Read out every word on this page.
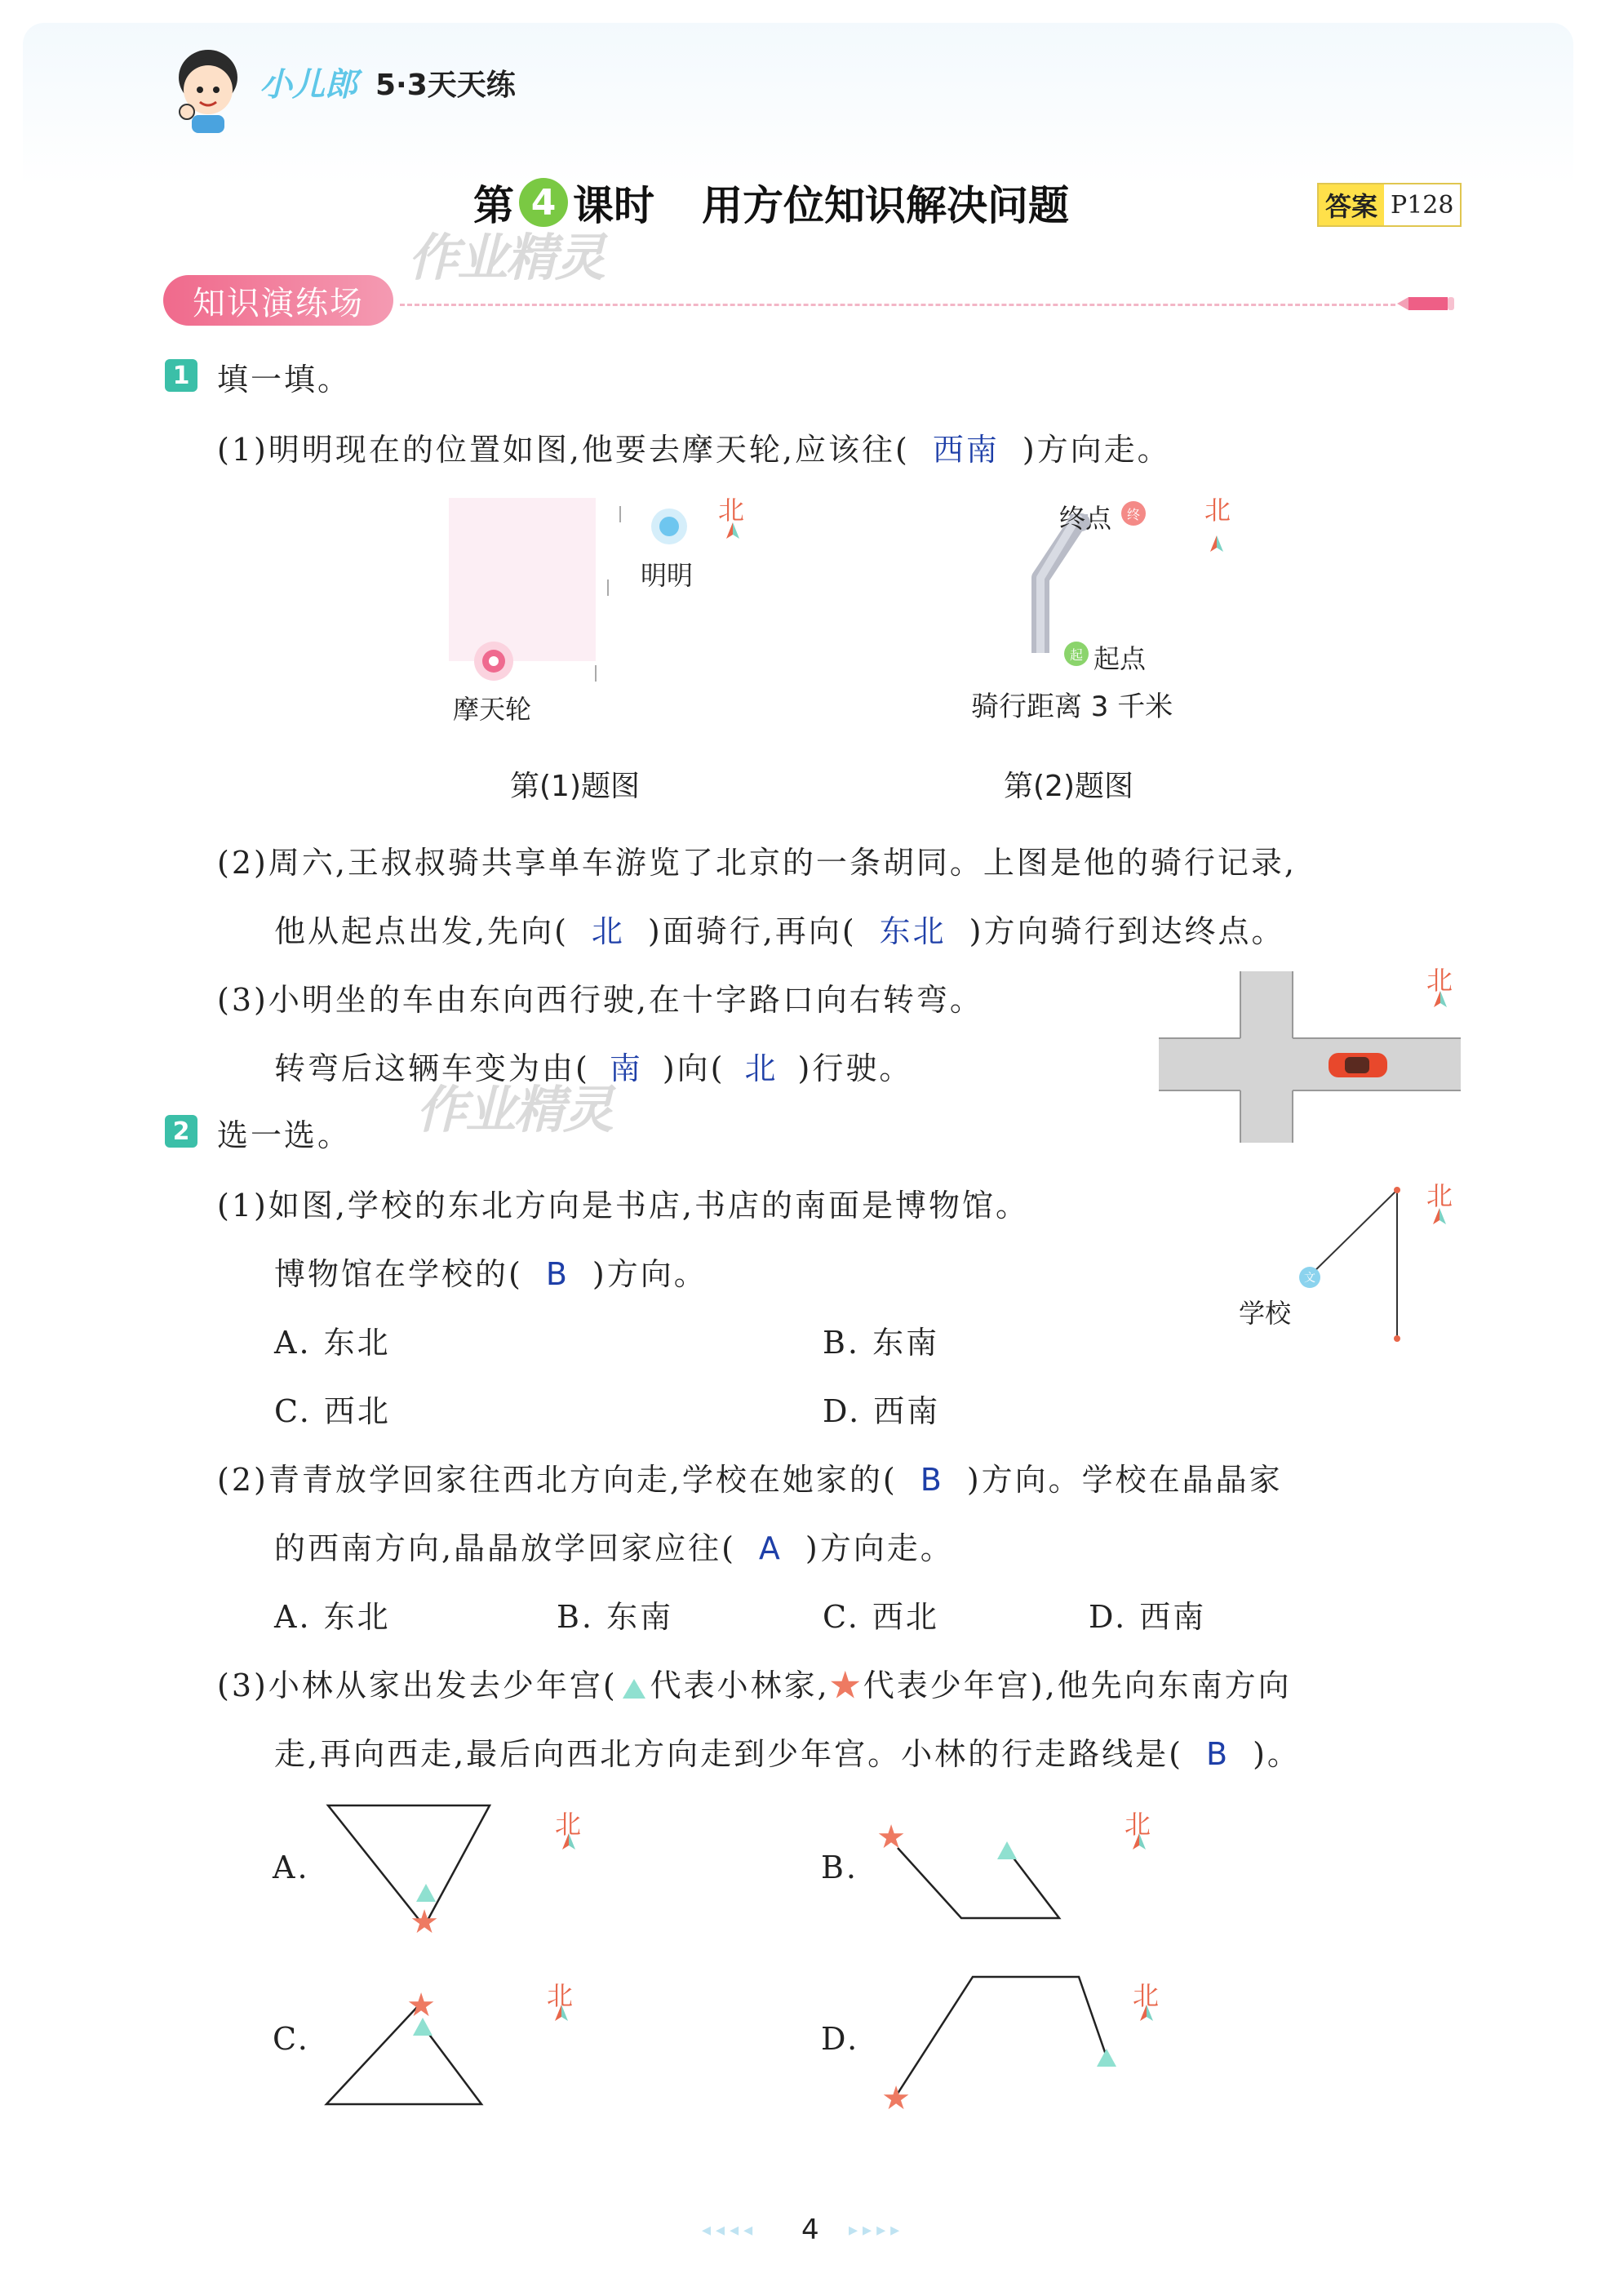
小儿郎 5·3天天练
第 4 课时 用方位知识解决问题	答案 P128
作业精灵
知识演练场
1 填一填。
(1)明明现在的位置如图,他要去摩天轮,应该往( 西南 )方向走。
明明
摩天轮
北
第(1)题图
终
终点
起 起点
骑行距离 3 千米
北
第(2)题图
(2)周六,王叔叔骑共享单车游览了北京的一条胡同。上图是他的骑行记录,
他从起点出发,先向( 北 )面骑行,再向( 东北 )方向骑行到达终点。
(3)小明坐的车由东向西行驶,在十字路口向右转弯。
转弯后这辆车变为由( 南 )向( 北 )行驶。
作业精灵
北
2 选一选。
(1)如图,学校的东北方向是书店,书店的南面是博物馆。
博物馆在学校的( B )方向。
A. 东北	B. 东南
C. 西北	D. 西南
文
学校
北
(2)青青放学回家往西北方向走,学校在她家的( B )方向。学校在晶晶家
的西南方向,晶晶放学回家应往( A )方向走。
A. 东北	B. 东南	C. 西北	D. 西南
(3)小林从家出发去少年宫( 代表小林家,★代表少年宫),他先向东南方向
走,再向西走,最后向西北方向走到少年宫。小林的行走路线是( B )。
A.
★
北
B.
★	北
C.
★	北
D.
★
北
◂◂◂◂ 4 ▸▸▸▸
